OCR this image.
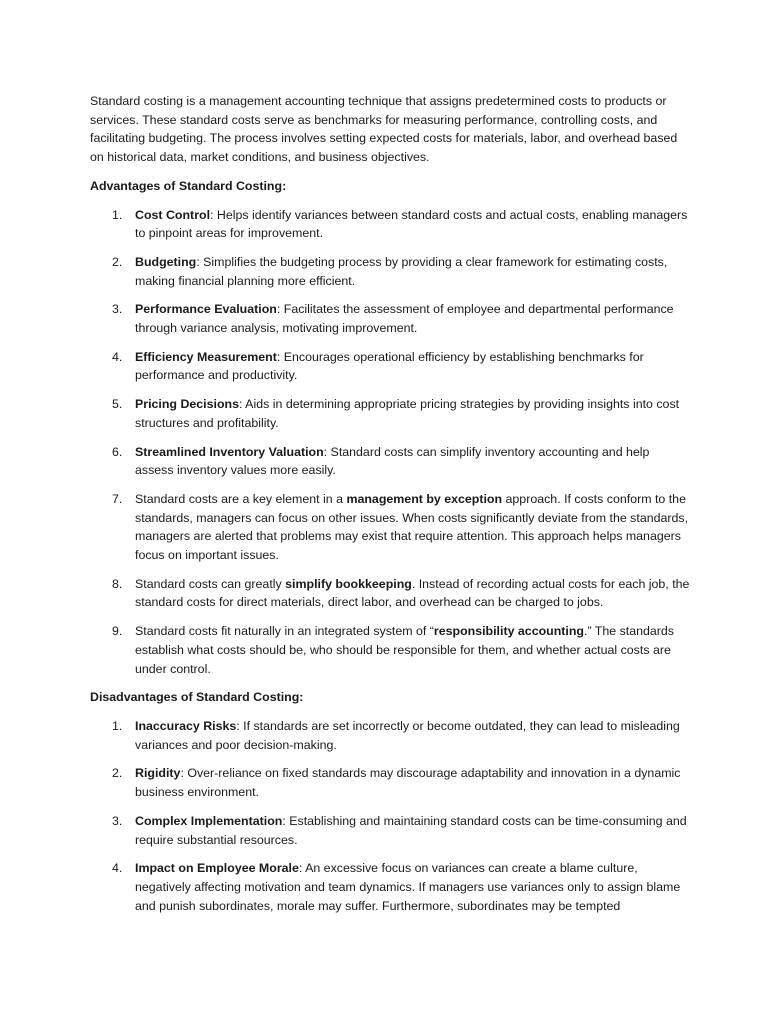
Standard costing is a management accounting technique that assigns predetermined costs to products or services. These standard costs serve as benchmarks for measuring performance, controlling costs, and facilitating budgeting. The process involves setting expected costs for materials, labor, and overhead based on historical data, market conditions, and business objectives.

Advantages of Standard Costing:

1. Cost Control: Helps identify variances between standard costs and actual costs, enabling managers to pinpoint areas for improvement.
2. Budgeting: Simplifies the budgeting process by providing a clear framework for estimating costs, making financial planning more efficient.
3. Performance Evaluation: Facilitates the assessment of employee and departmental performance through variance analysis, motivating improvement.
4. Efficiency Measurement: Encourages operational efficiency by establishing benchmarks for performance and productivity.
5. Pricing Decisions: Aids in determining appropriate pricing strategies by providing insights into cost structures and profitability.
6. Streamlined Inventory Valuation: Standard costs can simplify inventory accounting and help assess inventory values more easily.
7. Standard costs are a key element in a management by exception approach. If costs conform to the standards, managers can focus on other issues. When costs significantly deviate from the standards, managers are alerted that problems may exist that require attention. This approach helps managers focus on important issues.
8. Standard costs can greatly simplify bookkeeping. Instead of recording actual costs for each job, the standard costs for direct materials, direct labor, and overhead can be charged to jobs.
9. Standard costs fit naturally in an integrated system of “responsibility accounting.” The standards establish what costs should be, who should be responsible for them, and whether actual costs are under control.

Disadvantages of Standard Costing:

1. Inaccuracy Risks: If standards are set incorrectly or become outdated, they can lead to misleading variances and poor decision-making.
2. Rigidity: Over-reliance on fixed standards may discourage adaptability and innovation in a dynamic business environment.
3. Complex Implementation: Establishing and maintaining standard costs can be time-consuming and require substantial resources.
4. Impact on Employee Morale: An excessive focus on variances can create a blame culture, negatively affecting motivation and team dynamics. If managers use variances only to assign blame and punish subordinates, morale may suffer. Furthermore, subordinates may be tempted
